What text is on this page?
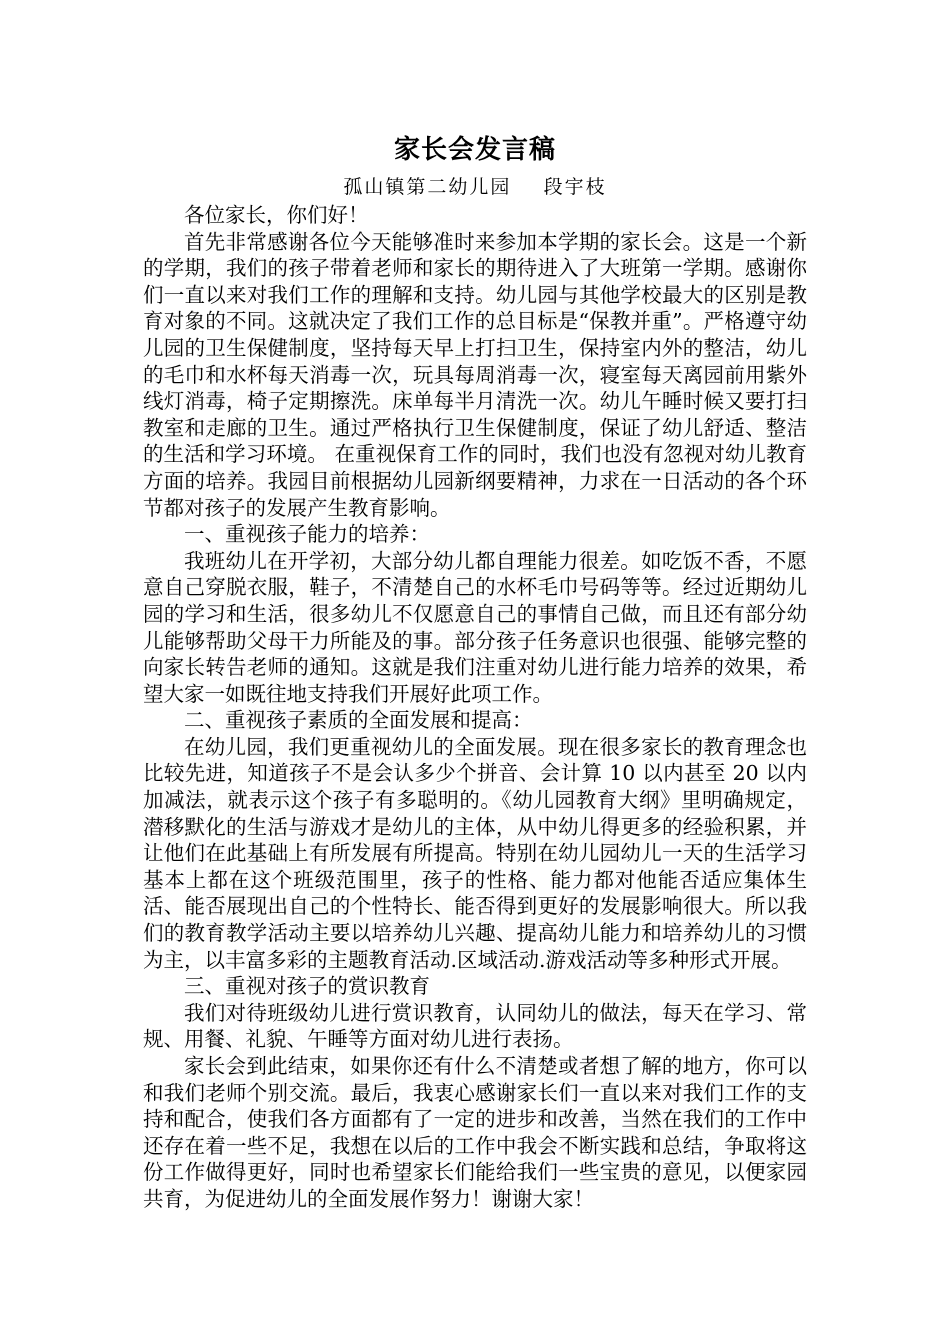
家长会发言稿

孤山镇第二幼儿园    段宇枝

各位家长，你们好！

首先非常感谢各位今天能够准时来参加本学期的家长会。这是一个新的学期，我们的孩子带着老师和家长的期待进入了大班第一学期。感谢你们一直以来对我们工作的理解和支持。幼儿园与其他学校最大的区别是教育对象的不同。这就决定了我们工作的总目标是“保教并重”。严格遵守幼儿园的卫生保健制度，坚持每天早上打扫卫生，保持室内外的整洁，幼儿的毛巾和水杯每天消毒一次，玩具每周消毒一次，寝室每天离园前用紫外线灯消毒，椅子定期擦洗。床单每半月清洗一次。幼儿午睡时候又要打扫教室和走廊的卫生。通过严格执行卫生保健制度，保证了幼儿舒适、整洁的生活和学习环境。 在重视保育工作的同时，我们也没有忽视对幼儿教育方面的培养。我园目前根据幼儿园新纲要精神，力求在一日活动的各个环节都对孩子的发展产生教育影响。

一、重视孩子能力的培养：

我班幼儿在开学初，大部分幼儿都自理能力很差。如吃饭不香，不愿意自己穿脱衣服，鞋子，不清楚自己的水杯毛巾号码等等。经过近期幼儿园的学习和生活，很多幼儿不仅愿意自己的事情自己做，而且还有部分幼儿能够帮助父母干力所能及的事。部分孩子任务意识也很强、能够完整的向家长转告老师的通知。这就是我们注重对幼儿进行能力培养的效果，希望大家一如既往地支持我们开展好此项工作。

二、重视孩子素质的全面发展和提高：

在幼儿园，我们更重视幼儿的全面发展。现在很多家长的教育理念也比较先进，知道孩子不是会认多少个拼音、会计算 10 以内甚至 20 以内加减法，就表示这个孩子有多聪明的。《幼儿园教育大纲》里明确规定，潜移默化的生活与游戏才是幼儿的主体，从中幼儿得更多的经验积累，并让他们在此基础上有所发展有所提高。特别在幼儿园幼儿一天的生活学习基本上都在这个班级范围里，孩子的性格、能力都对他能否适应集体生活、能否展现出自己的个性特长、能否得到更好的发展影响很大。所以我们的教育教学活动主要以培养幼儿兴趣、提高幼儿能力和培养幼儿的习惯为主，以丰富多彩的主题教育活动.区域活动.游戏活动等多种形式开展。

三、重视对孩子的赏识教育

我们对待班级幼儿进行赏识教育，认同幼儿的做法，每天在学习、常规、用餐、礼貌、午睡等方面对幼儿进行表扬。

家长会到此结束，如果你还有什么不清楚或者想了解的地方，你可以和我们老师个别交流。最后，我衷心感谢家长们一直以来对我们工作的支持和配合，使我们各方面都有了一定的进步和改善，当然在我们的工作中还存在着一些不足，我想在以后的工作中我会不断实践和总结，争取将这份工作做得更好，同时也希望家长们能给我们一些宝贵的意见，以便家园共育，为促进幼儿的全面发展作努力！谢谢大家！
